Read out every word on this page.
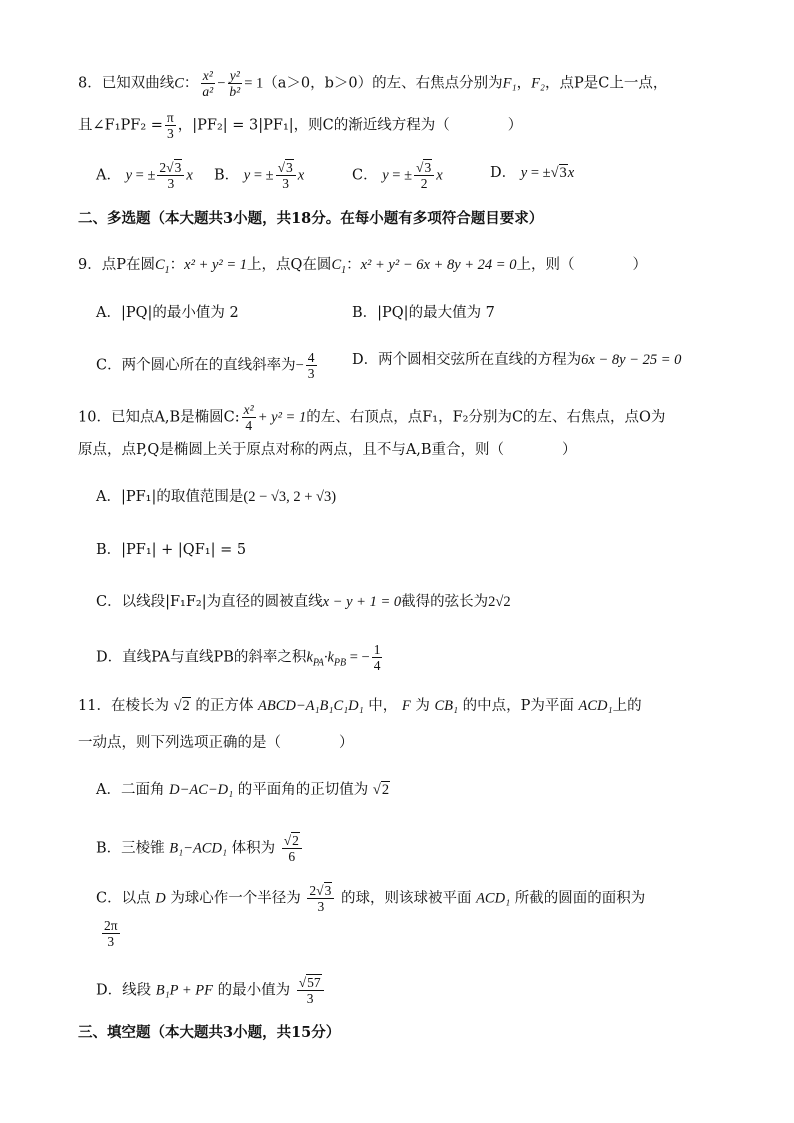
8．已知双曲线C： $\frac{\text{x²}}{\text{a²}} - \frac{\text{y²}}{\text{b²}} = 1(a>0$，b＞0）的左、右焦点分别为F₁，F₂，点P是C上一点，
且∠F₁PF₂ = $\frac{\pi}{3}$ ，|PF₂| = 3|PF₁|，则C的渐近线方程为（　　　　）
A． y = ± $\frac{2√3}{3}$ x B． y = ± $\frac{√3}{3}$ x	C． y = ± $\frac{√3}{2}$ x	D． y = ±√3x
二、多选题（本大题共3小题，共18分。在每小题有多项符合题目要求）
9．点P在圆$C_1$：x² + y² = 1上，点Q在圆$C_1$：x² + y² − 6x + 8y + 24 = 0上，则（　　　　）
A．|PQ|的最小值为 2	B．|PQ|的最大值为 7
C．两个圆心所在的直线斜率为− $\frac{4}{3}$ D．两个圆相交弦所在直线的方程为6x − 8y − 25 = 0
10．已知点A,B是椭圆C: $\frac{\text{x²}}{4} + y^2 = 1$的左、右顶点，点F₁，F₂分别为C的左、右焦点，点O为
原点，点P,Q是椭圆上关于原点对称的两点，且不与A,B重合，则（　　　　）
A．|PF₁|的取值范围是(2 − √3, 2 + √3)
B．|PF₁| + |QF₁| = 5
C．以线段|F₁F₂|为直径的圆被直线x − y + 1 = 0截得的弦长为2√2
D．直线PA与直线PB的斜率之积$k_{PA}\cdot k_{PB}$ = − $\frac{1}{4}$
11．在棱长为 √2 的正方体 ABCD−A₁B₁C₁D₁ 中， F 为 CB₁ 的中点，P为平面 ACD₁上的
一动点，则下列选项正确的是（　　　　）
A．二面角 D−AC−D₁ 的平面角的正切值为 √2
B．三棱锥 B₁−ACD₁ 体积为 $\frac{√2}{6}$
C．以点 D 为球心作一个半径为 $\frac{2√3}{3}$ 的球，则该球被平面 ACD₁ 所截的圆面的面积为
$\frac{2\pi}{3}$
D．线段 B₁P + PF 的最小值为 $\frac{√57}{3}$
三、填空题（本大题共3小题，共15分）
